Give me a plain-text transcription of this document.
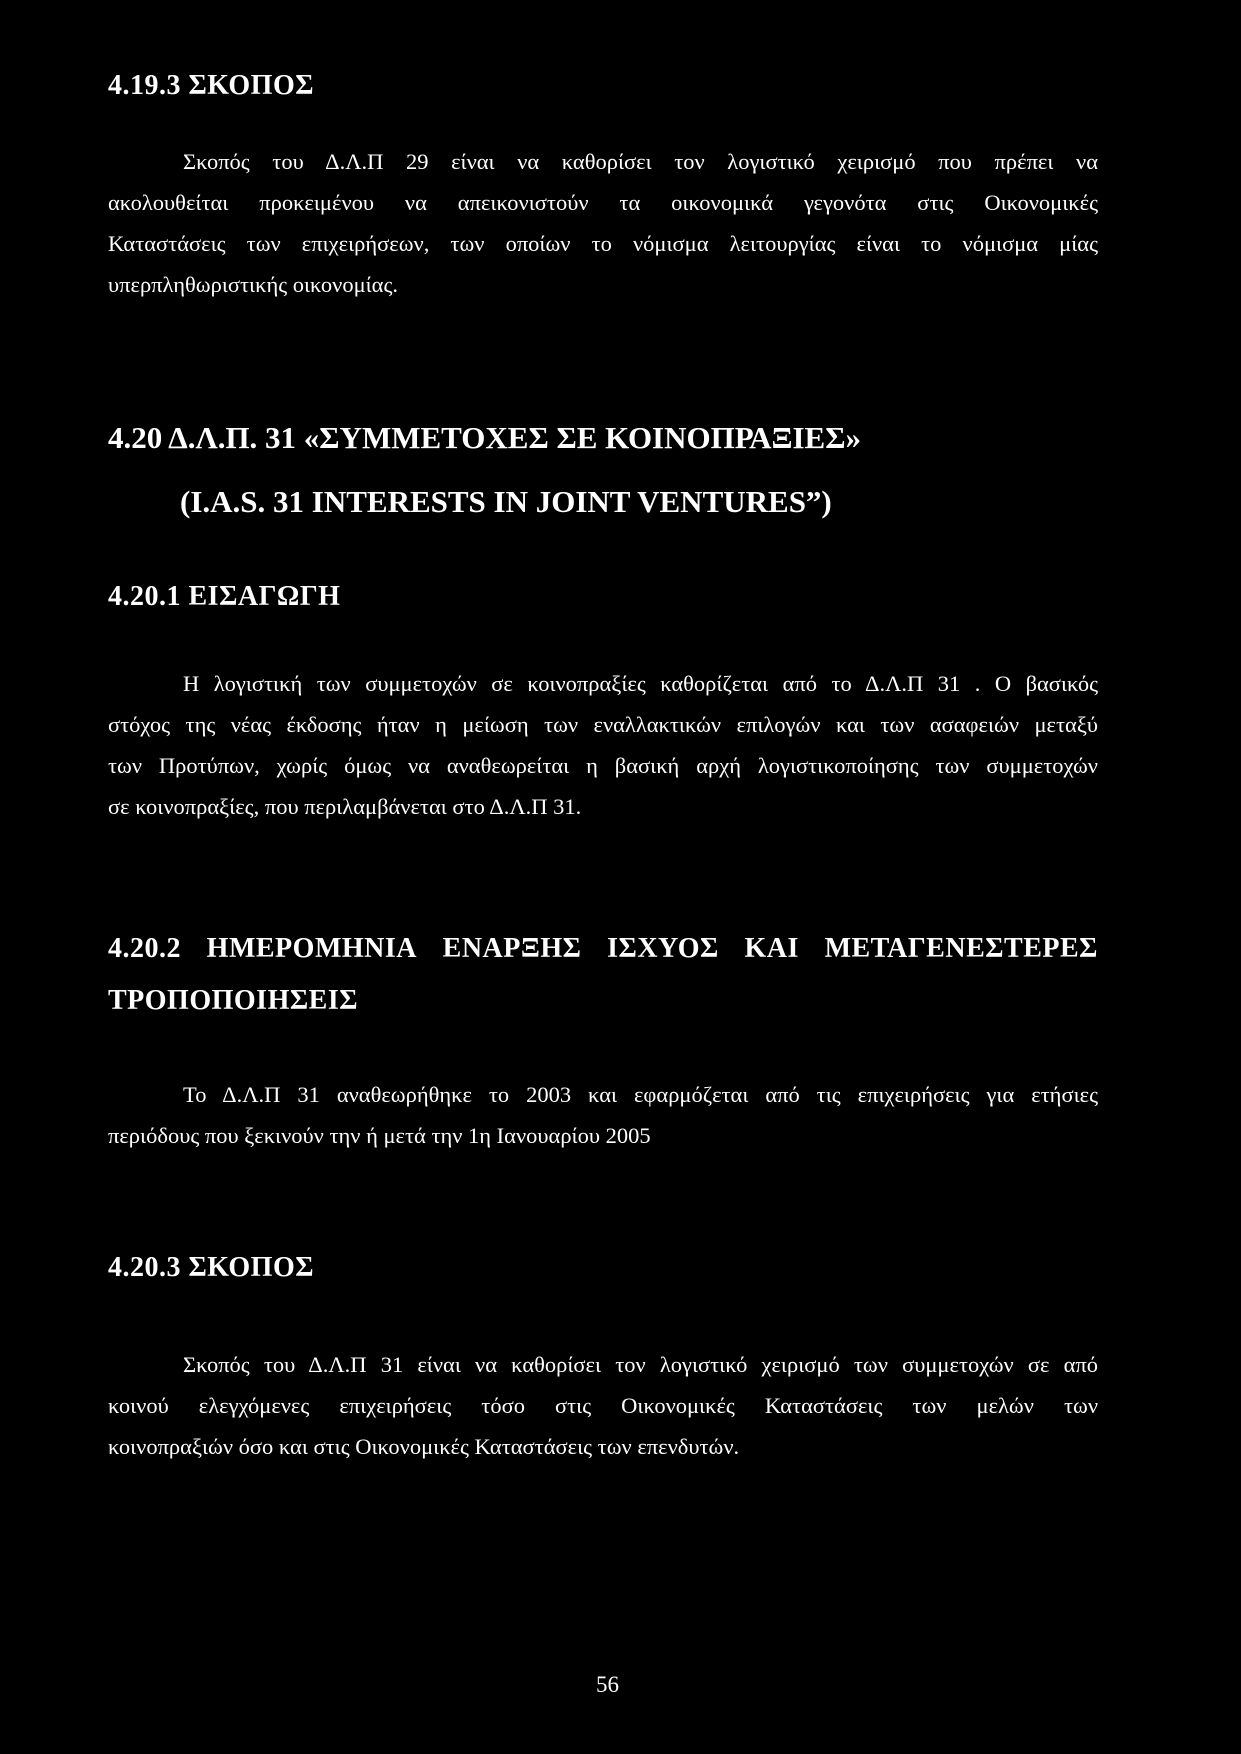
4.19.3 ΣΚΟΠΟΣ
Σκοπός του Δ.Λ.Π 29 είναι να καθορίσει τον λογιστικό χειρισμό που πρέπει να
ακολουθείται προκειμένου να απεικονιστούν τα οικονομικά γεγονότα στις Οικονομικές
Καταστάσεις των επιχειρήσεων, των οποίων το νόμισμα λειτουργίας είναι το νόμισμα μίας
υπερπληθωριστικής οικονομίας.
4.20 Δ.Λ.Π. 31 «ΣΥΜΜΕΤΟΧΕΣ ΣΕ ΚΟΙΝΟΠΡΑΞΙΕΣ»
(I.A.S. 31 INTERESTS IN JOINT VENTURES”)
4.20.1 ΕΙΣΑΓΩΓΗ
Η λογιστική των συμμετοχών σε κοινοπραξίες καθορίζεται από το Δ.Λ.Π 31 . Ο βασικός
στόχος της νέας έκδοσης ήταν η μείωση των εναλλακτικών επιλογών και των ασαφειών μεταξύ
των Προτύπων, χωρίς όμως να αναθεωρείται η βασική αρχή λογιστικοποίησης των συμμετοχών
σε κοινοπραξίες, που περιλαμβάνεται στο Δ.Λ.Π 31.
4.20.2 ΗΜΕΡΟΜΗΝΙΑ ΕΝΑΡΞΗΣ ΙΣΧΥΟΣ ΚΑΙ ΜΕΤΑΓΕΝΕΣΤΕΡΕΣ
ΤΡΟΠΟΠΟΙΗΣΕΙΣ
Το Δ.Λ.Π 31 αναθεωρήθηκε το 2003 και εφαρμόζεται από τις επιχειρήσεις για ετήσιες
περιόδους που ξεκινούν την ή μετά την 1η Ιανουαρίου 2005
4.20.3 ΣΚΟΠΟΣ
Σκοπός του Δ.Λ.Π 31 είναι να καθορίσει τον λογιστικό χειρισμό των συμμετοχών σε από
κοινού ελεγχόμενες επιχειρήσεις τόσο στις Οικονομικές Καταστάσεις των μελών των
κοινοπραξιών όσο και στις Οικονομικές Καταστάσεις των επενδυτών.
56
